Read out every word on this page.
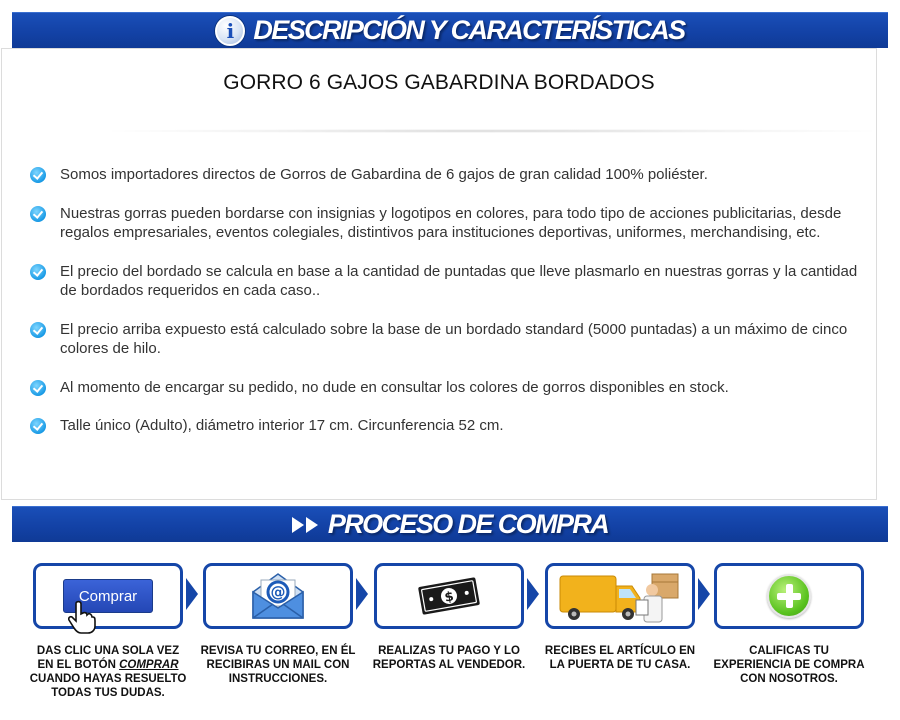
i DESCRIPCIÓN Y CARACTERÍSTICAS
GORRO 6 GAJOS GABARDINA BORDADOS
Somos importadores directos de Gorros de Gabardina de 6 gajos de gran calidad 100% poliéster.
Nuestras gorras pueden bordarse con insignias y logotipos en colores, para todo tipo de acciones publicitarias, desde regalos empresariales, eventos colegiales, distintivos para instituciones deportivas, uniformes, merchandising, etc.
El precio del bordado se calcula en base a la cantidad de puntadas que lleve plasmarlo en nuestras gorras y la cantidad de bordados requeridos en cada caso..
El precio arriba expuesto está calculado sobre la base de un bordado standard (5000 puntadas) a un máximo de cinco colores de hilo.
Al momento de encargar su pedido, no dude en consultar los colores de gorros disponibles en stock.
Talle único (Adulto), diámetro interior 17 cm. Circunferencia 52 cm.
PROCESO DE COMPRA
Comprar
DAS CLIC UNA SOLA VEZ EN EL BOTÓN COMPRAR CUANDO HAYAS RESUELTO TODAS TUS DUDAS.
@
REVISA TU CORREO, EN ÉL RECIBIRAS UN MAIL CON INSTRUCCIONES.
$
REALIZAS TU PAGO Y LO REPORTAS AL VENDEDOR.
RECIBES EL ARTÍCULO EN LA PUERTA DE TU CASA.
CALIFICAS TU EXPERIENCIA DE COMPRA CON NOSOTROS.
